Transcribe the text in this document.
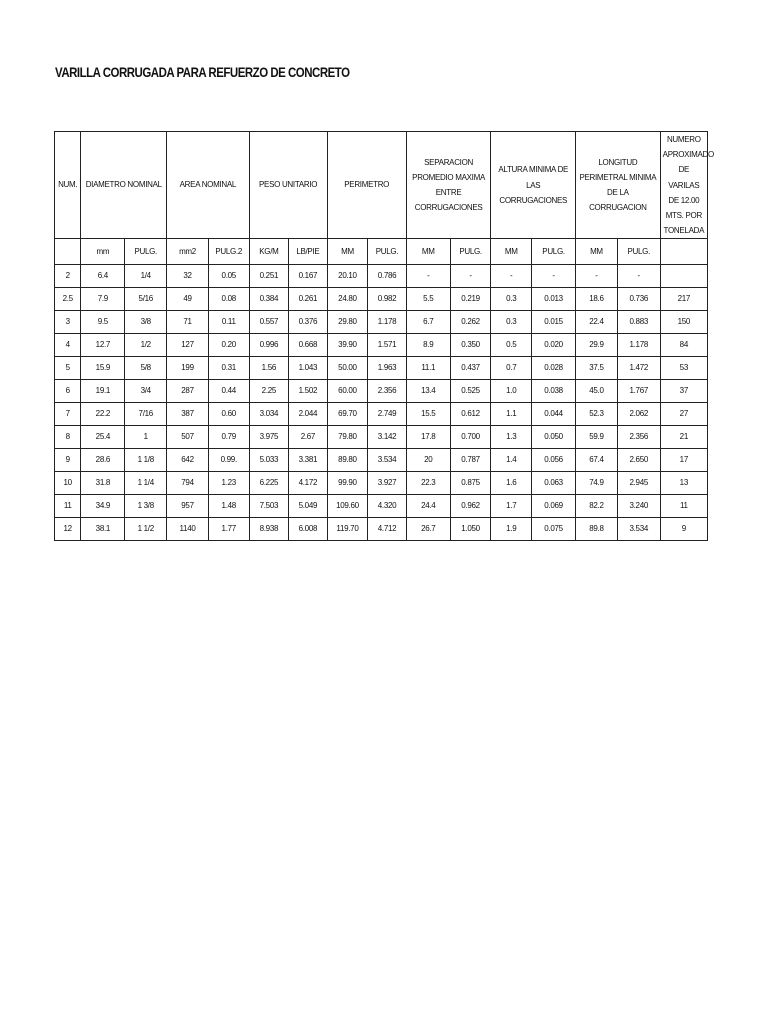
VARILLA CORRUGADA PARA REFUERZO DE CONCRETO
NUM.	DIAMETRO NOMINAL		AREA NOMINAL		PESO UNITARIO		PERIMETRO		SEPARACION PROMEDIO MAXIMA ENTRE CORRUGACIONES		ALTURA MINIMA DE LAS CORRUGACIONES		LONGITUD PERIMETRAL MINIMA DE LA CORRUGACION		NUMERO APROXIMADO DE VARILAS DE 12.00 MTS. POR TONELADA
	mm	PULG.	mm2	PULG.2	KG/M	LB/PIE	MM	PULG.	MM	PULG.	MM	PULG.	MM	PULG.	
2	6.4	1/4	32	0.05	0.251	0.167	20.10	0.786	-	-	-	-	-	-	
2.5	7.9	5/16	49	0.08	0.384	0.261	24.80	0.982	5.5	0.219	0.3	0.013	18.6	0.736	217
3	9.5	3/8	71	0.11	0.557	0.376	29.80	1.178	6.7	0.262	0.3	0.015	22.4	0.883	150
4	12.7	1/2	127	0.20	0.996	0.668	39.90	1.571	8.9	0.350	0.5	0.020	29.9	1.178	84
5	15.9	5/8	199	0.31	1.56	1.043	50.00	1.963	11.1	0.437	0.7	0.028	37.5	1.472	53
6	19.1	3/4	287	0.44	2.25	1.502	60.00	2.356	13.4	0.525	1.0	0.038	45.0	1.767	37
7	22.2	7/16	387	0.60	3.034	2.044	69.70	2.749	15.5	0.612	1.1	0.044	52.3	2.062	27
8	25.4	1	507	0.79	3.975	2.67	79.80	3.142	17.8	0.700	1.3	0.050	59.9	2.356	21
9	28.6	1 1/8	642	0.99.	5.033	3.381	89.80	3.534	20	0.787	1.4	0.056	67.4	2.650	17
10	31.8	1 1/4	794	1.23	6.225	4.172	99.90	3.927	22.3	0.875	1.6	0.063	74.9	2.945	13
11	34.9	1 3/8	957	1.48	7.503	5.049	109.60	4.320	24.4	0.962	1.7	0.069	82.2	3.240	11
12	38.1	1 1/2	1140	1.77	8.938	6.008	119.70	4.712	26.7	1.050	1.9	0.075	89.8	3.534	9
